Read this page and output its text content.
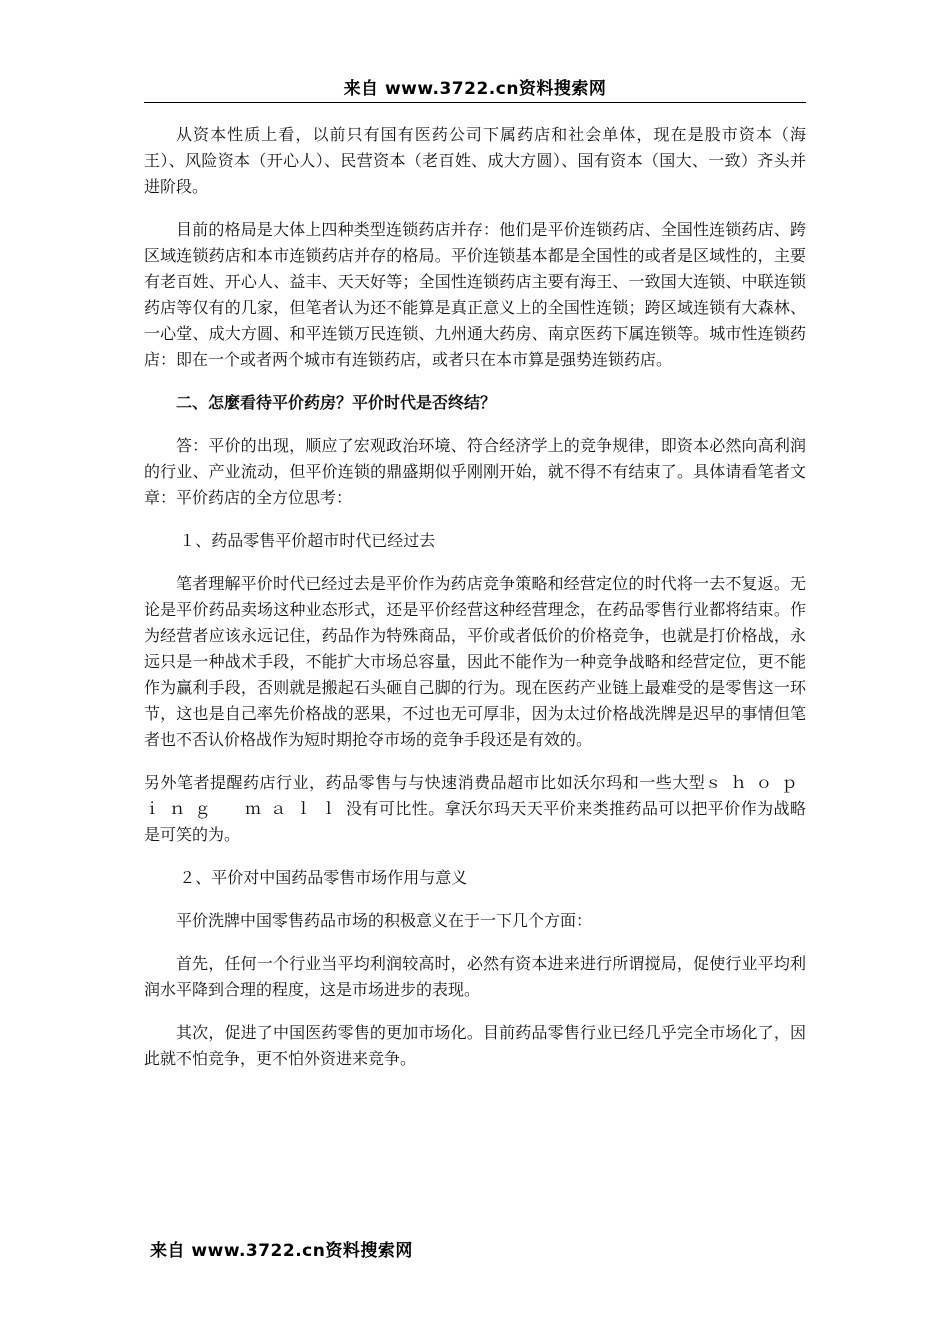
来自 www.3722.cn资料搜索网

从资本性质上看，以前只有国有医药公司下属药店和社会单体，现在是股市资本（海王）、风险资本（开心人）、民营资本（老百姓、成大方圆）、国有资本（国大、一致）齐头并进阶段。

目前的格局是大体上四种类型连锁药店并存：他们是平价连锁药店、全国性连锁药店、跨区域连锁药店和本市连锁药店并存的格局。平价连锁基本都是全国性的或者是区域性的，主要有老百姓、开心人、益丰、天天好等；全国性连锁药店主要有海王、一致国大连锁、中联连锁药店等仅有的几家，但笔者认为还不能算是真正意义上的全国性连锁；跨区域连锁有大森林、一心堂、成大方圆、和平连锁万民连锁、九州通大药房、南京医药下属连锁等。城市性连锁药店：即在一个或者两个城市有连锁药店，或者只在本市算是强势连锁药店。

二、怎麼看待平价药房？平价时代是否终结？

答：平价的出现，顺应了宏观政治环境、符合经济学上的竞争规律，即资本必然向高利润的行业、产业流动，但平价连锁的鼎盛期似乎刚刚开始，就不得不有结束了。具体请看笔者文章：平价药店的全方位思考：

１、药品零售平价超市时代已经过去

笔者理解平价时代已经过去是平价作为药店竞争策略和经营定位的时代将一去不复返。无论是平价药品卖场这种业态形式，还是平价经营这种经营理念，在药品零售行业都将结束。作为经营者应该永远记住，药品作为特殊商品，平价或者低价的价格竞争，也就是打价格战，永远只是一种战术手段，不能扩大市场总容量，因此不能作为一种竞争战略和经营定位，更不能作为赢利手段，否则就是搬起石头砸自己脚的行为。现在医药产业链上最难受的是零售这一环节，这也是自己率先价格战的恶果，不过也无可厚非，因为太过价格战洗牌是迟早的事情但笔者也不否认价格战作为短时期抢夺市场的竞争手段还是有效的。

另外笔者提醒药店行业，药品零售与与快速消费品超市比如沃尔玛和一些大型ｓｈｏｐｉｎｇ　ｍａｌｌ没有可比性。拿沃尔玛天天平价来类推药品可以把平价作为战略是可笑的为。

２、平价对中国药品零售市场作用与意义

平价洗牌中国零售药品市场的积极意义在于一下几个方面：

首先，任何一个行业当平均利润较高时，必然有资本进来进行所谓搅局，促使行业平均利润水平降到合理的程度，这是市场进步的表现。

其次，促进了中国医药零售的更加市场化。目前药品零售行业已经几乎完全市场化了，因此就不怕竞争，更不怕外资进来竞争。

来自 www.3722.cn资料搜索网
